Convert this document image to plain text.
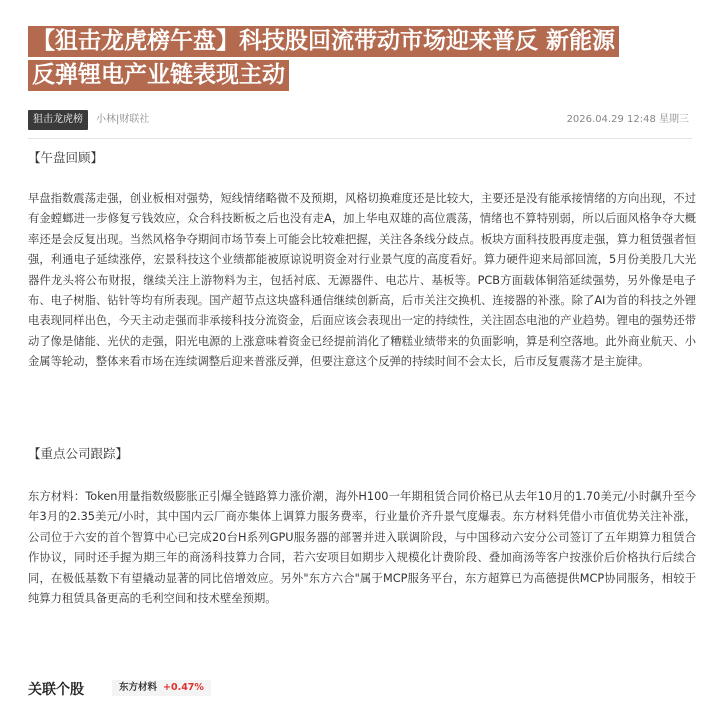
【狙击龙虎榜午盘】科技股回流带动市场迎来普反 新能源
反弹锂电产业链表现主动
狙击龙虎榜	小林|财联社	2026.04.29 12:48 星期三
【午盘回顾】

早盘指数震荡走强，创业板相对强势，短线情绪略微不及预期，风格切换难度还是比较大，主要还是没有能承接情绪的方向出现，不过有金螳螂进一步修复亏钱效应，众合科技断板之后也没有走A，加上华电双雄的高位震荡，情绪也不算特别弱，所以后面风格争夺大概率还是会反复出现。当然风格争夺期间市场节奏上可能会比较难把握，关注各条线分歧点。板块方面科技股再度走强，算力租赁强者恒强，利通电子延续涨停，宏景科技这个业绩都能被原谅说明资金对行业景气度的高度看好。算力硬件迎来局部回流，5月份美股几大光器件龙头将公布财报，继续关注上游物料为主，包括衬底、无源器件、电芯片、基板等。PCB方面载体铜箔延续强势，另外像是电子布、电子树脂、钻针等均有所表现。国产超节点这块盛科通信继续创新高，后市关注交换机、连接器的补涨。除了AI为首的科技之外锂电表现同样出色，今天主动走强而非承接科技分流资金，后面应该会表现出一定的持续性，关注固态电池的产业趋势。锂电的强势还带动了像是储能、光伏的走强，阳光电源的上涨意味着资金已经提前消化了糟糕业绩带来的负面影响，算是利空落地。此外商业航天、小金属等轮动，整体来看市场在连续调整后迎来普涨反弹，但要注意这个反弹的持续时间不会太长，后市反复震荡才是主旋律。

【重点公司跟踪】

东方材料：Token用量指数级膨胀正引爆全链路算力涨价潮，海外H100一年期租赁合同价格已从去年10月的1.70美元/小时飙升至今年3月的2.35美元/小时，其中国内云厂商亦集体上调算力服务费率，行业量价齐升景气度爆表。东方材料凭借小市值优势关注补涨，公司位于六安的首个智算中心已完成20台H系列GPU服务器的部署并进入联调阶段，与中国移动六安分公司签订了五年期算力租赁合作协议，同时还手握为期三年的商汤科技算力合同，若六安项目如期步入规模化计费阶段、叠加商汤等客户按涨价后价格执行后续合同，在极低基数下有望撬动显著的同比倍增效应。另外"东方六合"属于MCP服务平台，东方超算已为高德提供MCP协同服务，相较于纯算力租赁具备更高的毛利空间和技术壁垒预期。

关联个股	东方材料 +0.47%
